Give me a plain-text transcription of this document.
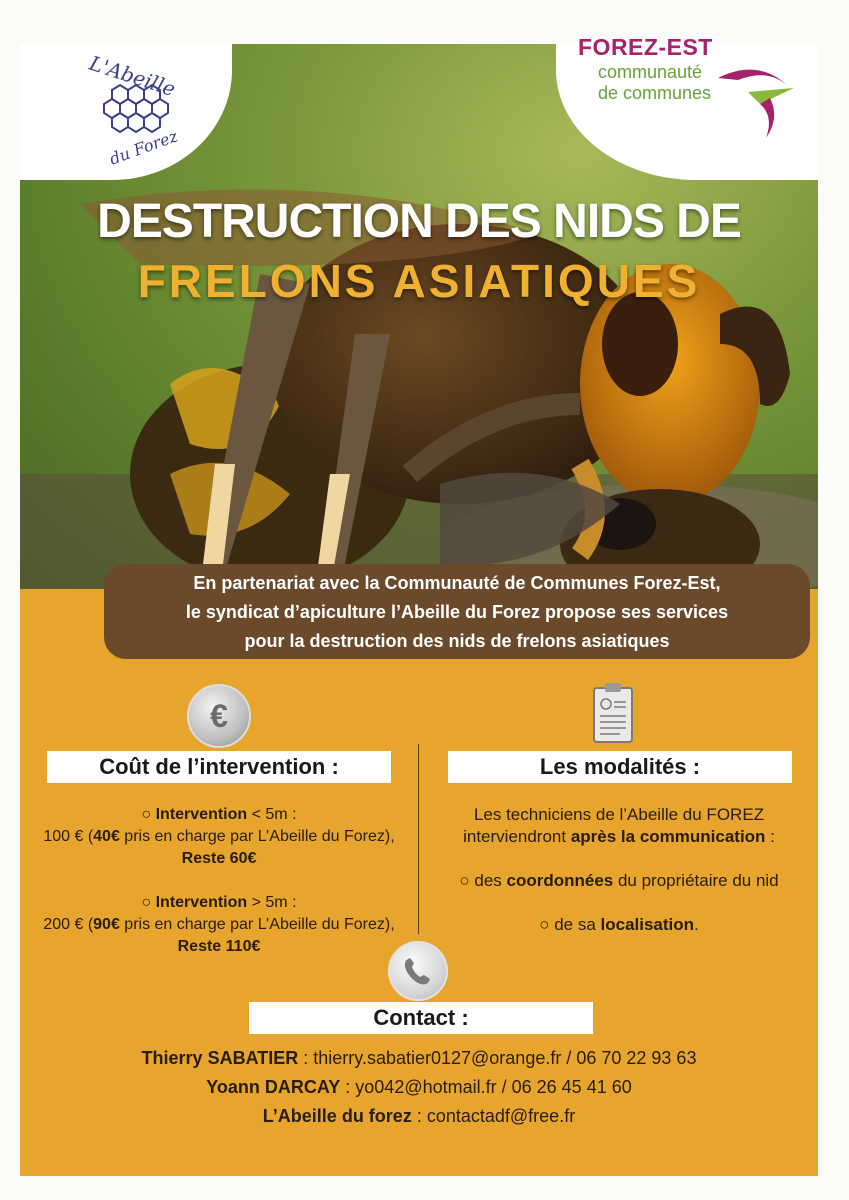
L'Abeille
du Forez
DESTRUCTION DES NIDS DE
FRELONS ASIATIQUES
En partenariat avec la Communauté de Communes Forez-Est,
le syndicat d’apiculture l’Abeille du Forez propose ses services
pour la destruction des nids de frelons asiatiques
€
Coût de l’intervention :	Les modalités :
○ Intervention < 5m :
100 € (40€ pris en charge par L’Abeille du Forez),
Reste 60€
○ Intervention > 5m :
200 € (90€ pris en charge par L’Abeille du Forez),
Reste 110€
Les techniciens de l’Abeille du FOREZ
interviendront après la communication :
○ des coordonnées du propriétaire du nid
○ de sa localisation.
Contact :
Thierry SABATIER : thierry.sabatier0127@orange.fr / 06 70 22 93 63
Yoann DARCAY : yo042@hotmail.fr / 06 26 45 41 60
L’Abeille du forez : contactadf@free.fr
FOREZ-EST
communauté
de communes
